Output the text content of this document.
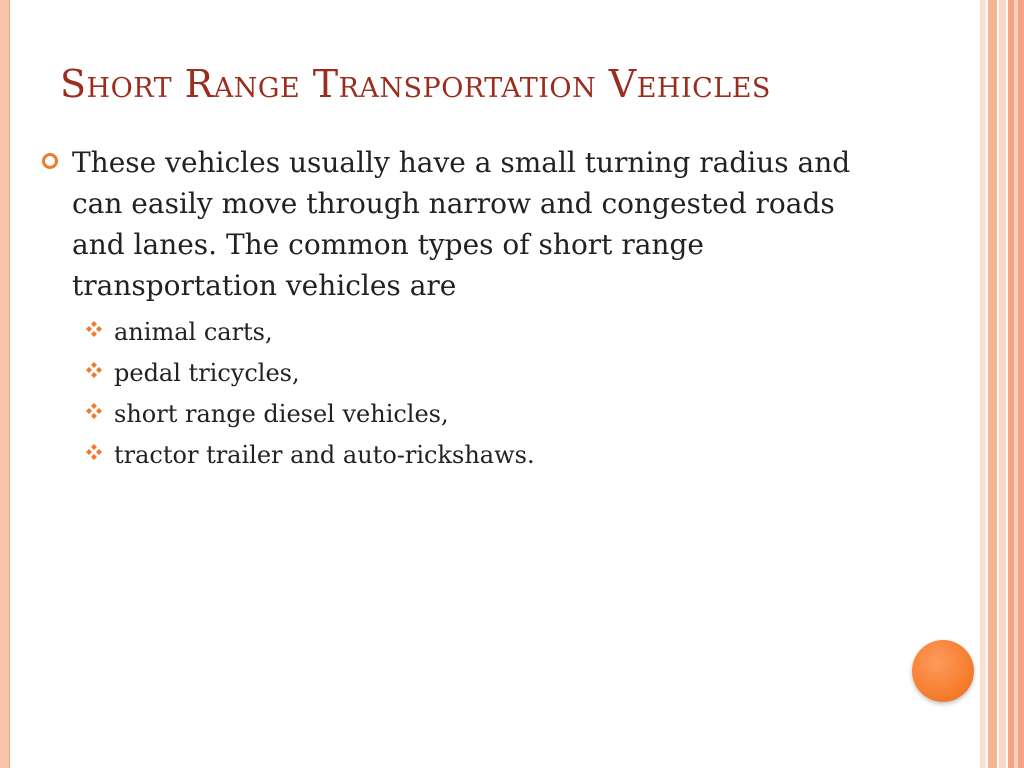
Short Range Transportation Vehicles

These vehicles usually have a small turning radius and can easily move through narrow and congested roads and lanes. The common types of short range transportation vehicles are

animal carts,
pedal tricycles,
short range diesel vehicles,
tractor trailer and auto-rickshaws.
